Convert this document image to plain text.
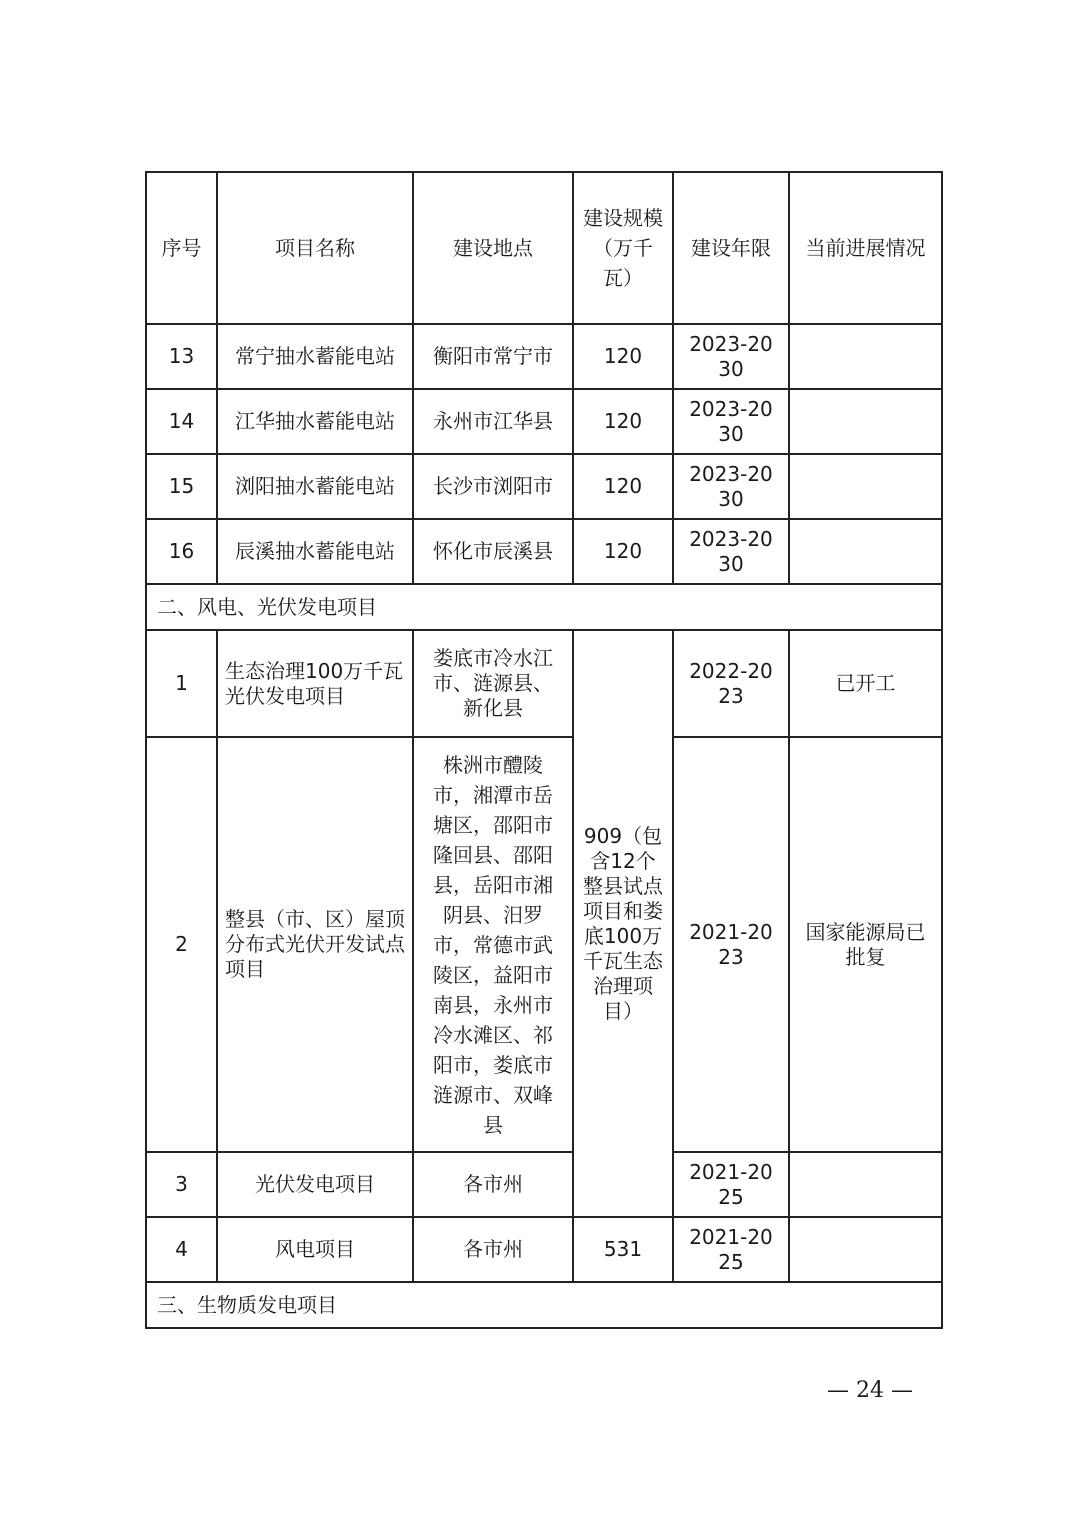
序号	项目名称	建设地点	建设规模（万千瓦）	建设年限	当前进展情况
13	常宁抽水蓄能电站	衡阳市常宁市	120	2023-2030	

14	江华抽水蓄能电站	永州市江华县	120	2023-2030	

15	浏阳抽水蓄能电站	长沙市浏阳市	120	2023-2030	

16	辰溪抽水蓄能电站	怀化市辰溪县	120	2023-2030	

二、风电、光伏发电项目					
1	生态治理100万千瓦光伏发电项目	娄底市冷水江市、涟源县、新化县	909（包含12个整县试点项目和娄底100万千瓦生态治理项目）	2022-2023	已开工
2	整县（市、区）屋顶分布式光伏开发试点项目	株洲市醴陵市，湘潭市岳塘区，邵阳市隆回县、邵阳县，岳阳市湘阴县、汨罗市，常德市武陵区，益阳市南县，永州市冷水滩区、祁阳市，娄底市涟源市、双峰县		2021-2023	国家能源局已批复

3	光伏发电项目	各市州		2021-2025	

4	风电项目	各市州	531	2021-2025	

三、生物质发电项目					
— 24 —
